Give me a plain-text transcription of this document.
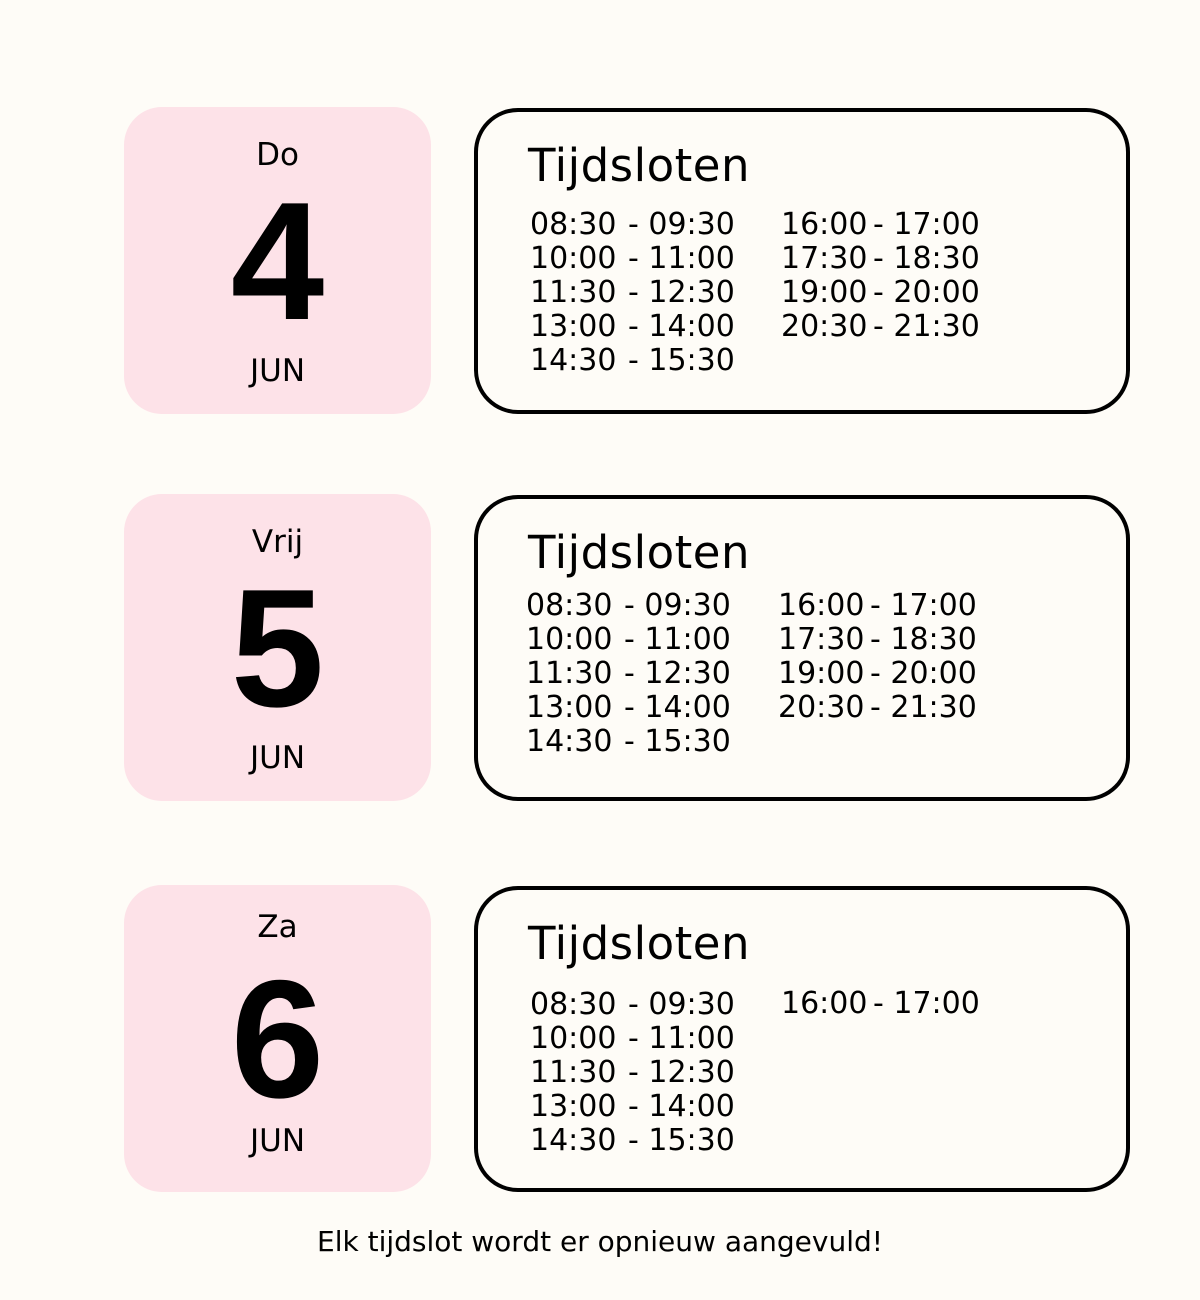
Do
4
JUN
Tijdsloten
08:30 - 09:30
10:00 - 11:00
11:30 - 12:30
13:00 - 14:00
14:30 - 15:30
16:00 - 17:00
17:30 - 18:30
19:00 - 20:00
20:30 - 21:30
Vrij
5
JUN
Tijdsloten
08:30 - 09:30
10:00 - 11:00
11:30 - 12:30
13:00 - 14:00
14:30 - 15:30
16:00 - 17:00
17:30 - 18:30
19:00 - 20:00
20:30 - 21:30
Za
6
JUN
Tijdsloten
08:30 - 09:30
10:00 - 11:00
11:30 - 12:30
13:00 - 14:00
14:30 - 15:30
16:00 - 17:00
Elk tijdslot wordt er opnieuw aangevuld!
